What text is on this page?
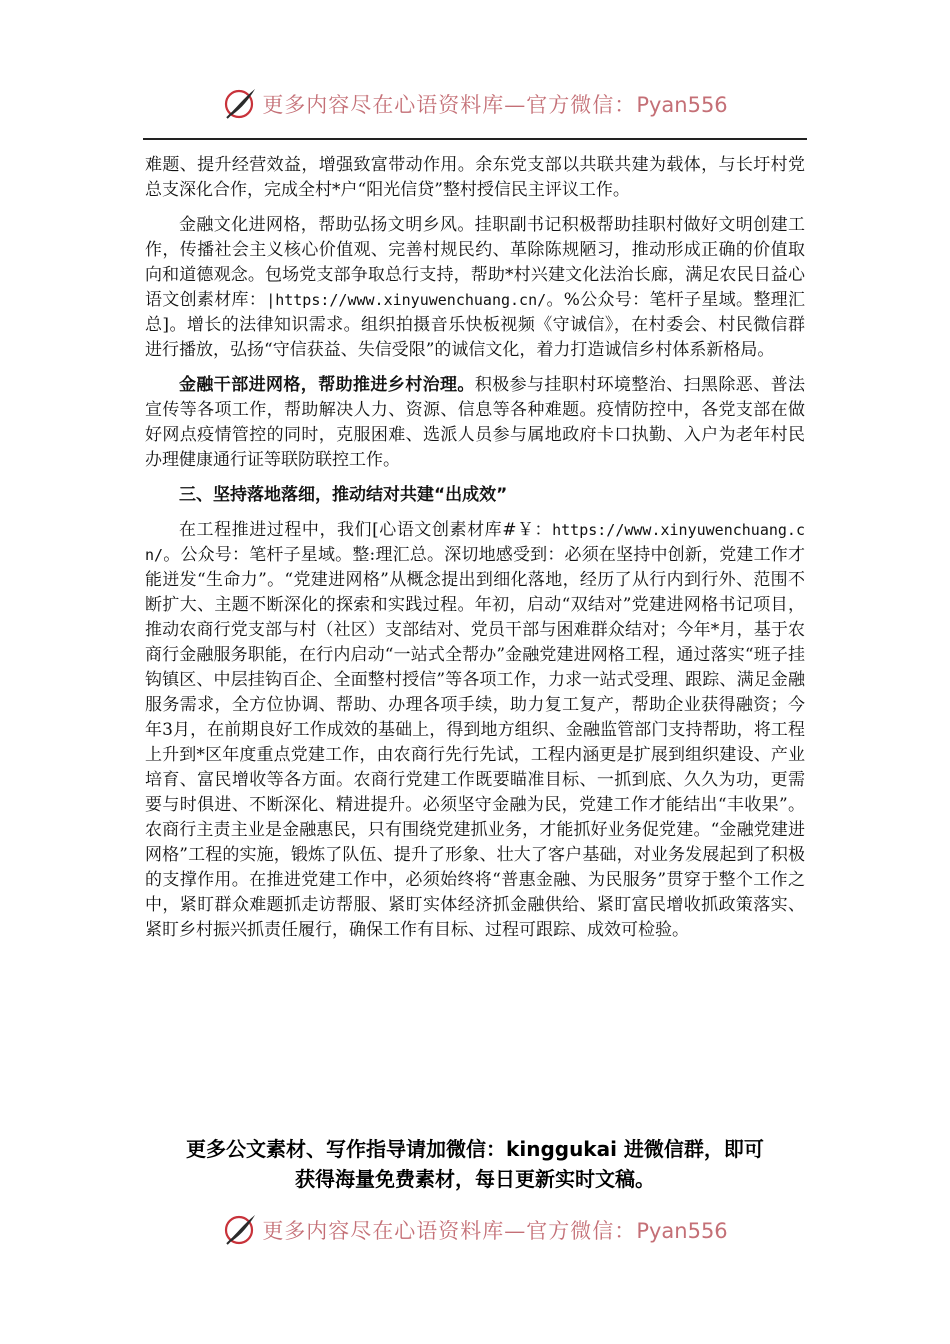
更多内容尽在心语资料库—官方微信：Pyan556

难题、提升经营效益，增强致富带动作用。余东党支部以共联共建为载体，与长圩村党总支深化合作，完成全村*户“阳光信贷”整村授信民主评议工作。

金融文化进网格，帮助弘扬文明乡风。挂职副书记积极帮助挂职村做好文明创建工作，传播社会主义核心价值观、完善村规民约、革除陈规陋习，推动形成正确的价值取向和道德观念。包场党支部争取总行支持，帮助*村兴建文化法治长廊，满足农民日益心语文创素材库：|https://www.xinyuwenchuang.cn/。%公众号：笔杆子星域。整理汇总]。增长的法律知识需求。组织拍摄音乐快板视频《守诚信》，在村委会、村民微信群进行播放，弘扬“守信获益、失信受限”的诚信文化，着力打造诚信乡村体系新格局。

金融干部进网格，帮助推进乡村治理。积极参与挂职村环境整治、扫黑除恶、普法宣传等各项工作，帮助解决人力、资源、信息等各种难题。疫情防控中，各党支部在做好网点疫情管控的同时，克服困难、选派人员参与属地政府卡口执勤、入户为老年村民办理健康通行证等联防联控工作。

三、坚持落地落细，推动结对共建“出成效”

在工程推进过程中，我们[心语文创素材库#￥：https://www.xinyuwenchuang.cn/。公众号：笔杆子星域。整:理汇总。深切地感受到：必须在坚持中创新，党建工作才能迸发“生命力”。“党建进网格”从概念提出到细化落地，经历了从行内到行外、范围不断扩大、主题不断深化的探索和实践过程。年初，启动“双结对”党建进网格书记项目，推动农商行党支部与村（社区）支部结对、党员干部与困难群众结对；今年*月，基于农商行金融服务职能，在行内启动“一站式全帮办”金融党建进网格工程，通过落实“班子挂钩镇区、中层挂钩百企、全面整村授信”等各项工作，力求一站式受理、跟踪、满足金融服务需求，全方位协调、帮助、办理各项手续，助力复工复产，帮助企业获得融资；今年3月，在前期良好工作成效的基础上，得到地方组织、金融监管部门支持帮助，将工程上升到*区年度重点党建工作，由农商行先行先试，工程内涵更是扩展到组织建设、产业培育、富民增收等各方面。农商行党建工作既要瞄准目标、一抓到底、久久为功，更需要与时俱进、不断深化、精进提升。必须坚守金融为民，党建工作才能结出“丰收果”。农商行主责主业是金融惠民，只有围绕党建抓业务，才能抓好业务促党建。“金融党建进网格”工程的实施，锻炼了队伍、提升了形象、壮大了客户基础，对业务发展起到了积极的支撑作用。在推进党建工作中，必须始终将“普惠金融、为民服务”贯穿于整个工作之中，紧盯群众难题抓走访帮服、紧盯实体经济抓金融供给、紧盯富民增收抓政策落实、紧盯乡村振兴抓责任履行，确保工作有目标、过程可跟踪、成效可检验。

更多公文素材、写作指导请加微信：kinggukai 进微信群，即可
获得海量免费素材，每日更新实时文稿。
更多内容尽在心语资料库—官方微信：Pyan556
